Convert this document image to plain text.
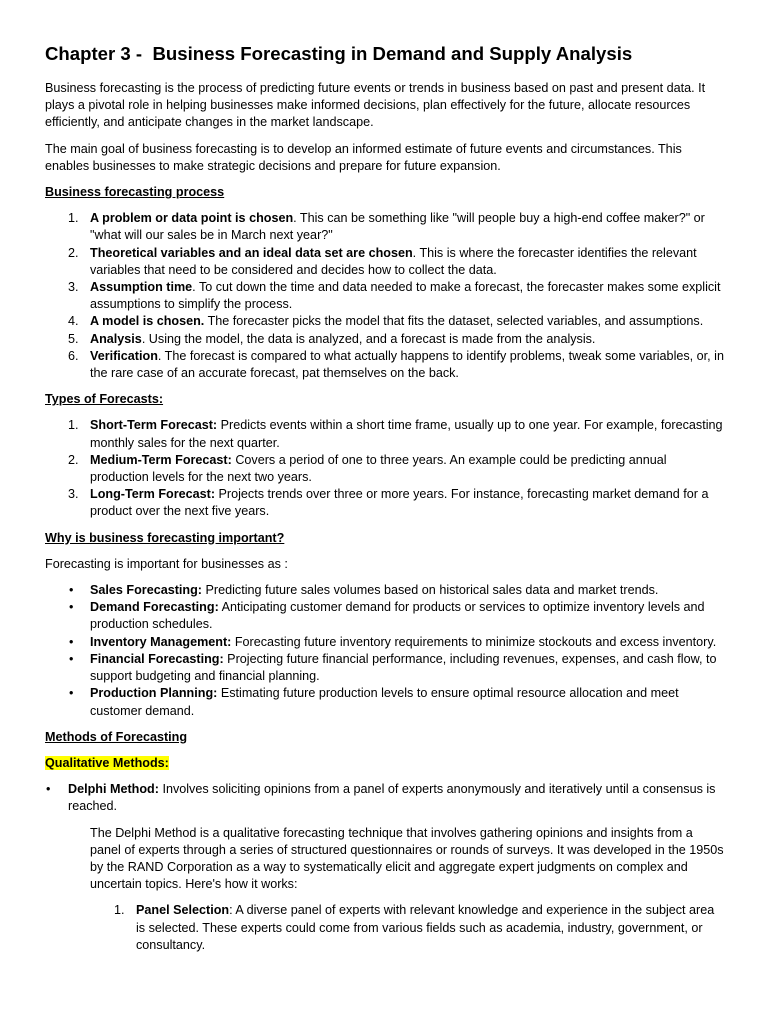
Chapter 3 -  Business Forecasting in Demand and Supply Analysis

Business forecasting is the process of predicting future events or trends in business based on past and present data. It plays a pivotal role in helping businesses make informed decisions, plan effectively for the future, allocate resources efficiently, and anticipate changes in the market landscape.

The main goal of business forecasting is to develop an informed estimate of future events and circumstances. This enables businesses to make strategic decisions and prepare for future expansion.

Business forecasting process
1. A problem or data point is chosen. This can be something like "will people buy a high-end coffee maker?" or "what will our sales be in March next year?"
2. Theoretical variables and an ideal data set are chosen. This is where the forecaster identifies the relevant variables that need to be considered and decides how to collect the data.
3. Assumption time. To cut down the time and data needed to make a forecast, the forecaster makes some explicit assumptions to simplify the process.
4. A model is chosen. The forecaster picks the model that fits the dataset, selected variables, and assumptions.
5. Analysis. Using the model, the data is analyzed, and a forecast is made from the analysis.
6. Verification. The forecast is compared to what actually happens to identify problems, tweak some variables, or, in the rare case of an accurate forecast, pat themselves on the back.
Types of Forecasts:
1. Short-Term Forecast: Predicts events within a short time frame, usually up to one year. For example, forecasting monthly sales for the next quarter.
2. Medium-Term Forecast: Covers a period of one to three years. An example could be predicting annual production levels for the next two years.
3. Long-Term Forecast: Projects trends over three or more years. For instance, forecasting market demand for a product over the next five years.
Why is business forecasting important?

Forecasting is important for businesses as :

• Sales Forecasting: Predicting future sales volumes based on historical sales data and market trends.
• Demand Forecasting: Anticipating customer demand for products or services to optimize inventory levels and production schedules.
• Inventory Management: Forecasting future inventory requirements to minimize stockouts and excess inventory.
• Financial Forecasting: Projecting future financial performance, including revenues, expenses, and cash flow, to support budgeting and financial planning.
• Production Planning: Estimating future production levels to ensure optimal resource allocation and meet customer demand.
Methods of Forecasting

Qualitative Methods:

• Delphi Method: Involves soliciting opinions from a panel of experts anonymously and iteratively until a consensus is reached.

The Delphi Method is a qualitative forecasting technique that involves gathering opinions and insights from a panel of experts through a series of structured questionnaires or rounds of surveys. It was developed in the 1950s by the RAND Corporation as a way to systematically elicit and aggregate expert judgments on complex and uncertain topics. Here's how it works:

1. Panel Selection: A diverse panel of experts with relevant knowledge and experience in the subject area is selected. These experts could come from various fields such as academia, industry, government, or consultancy.
